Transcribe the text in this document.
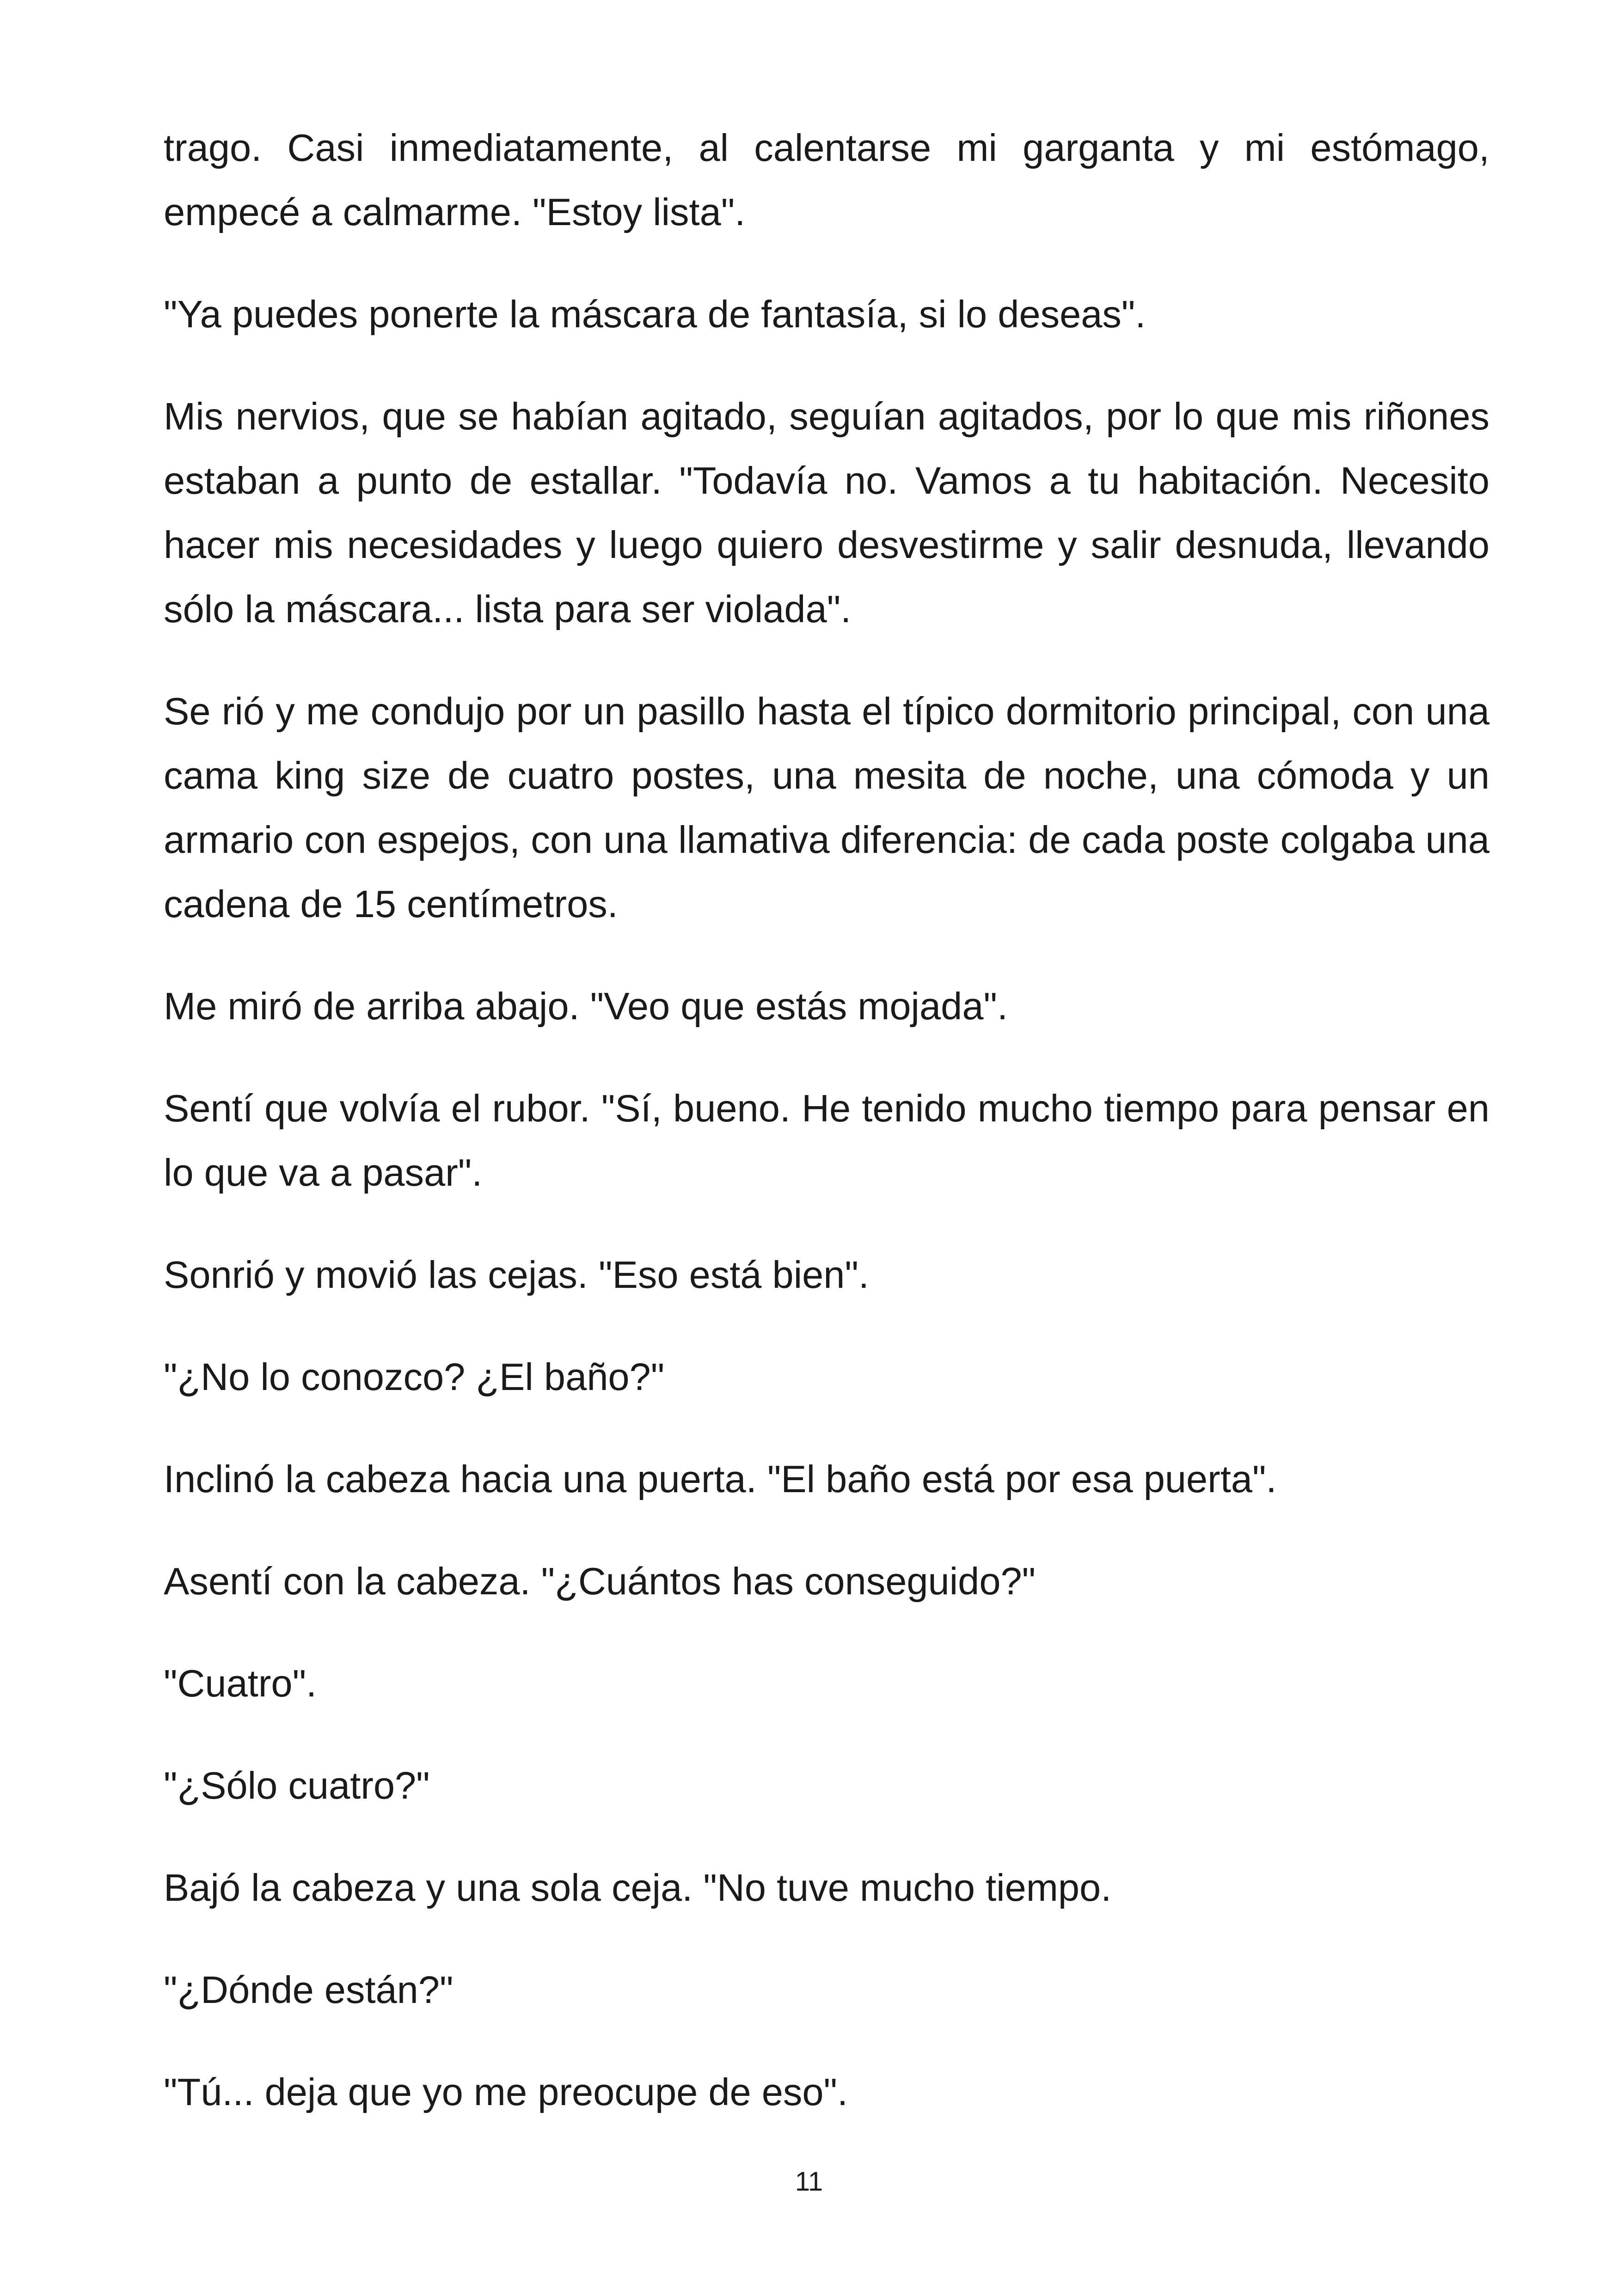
trago. Casi inmediatamente, al calentarse mi garganta y mi estómago, empecé a calmarme. "Estoy lista".

"Ya puedes ponerte la máscara de fantasía, si lo deseas".

Mis nervios, que se habían agitado, seguían agitados, por lo que mis riñones estaban a punto de estallar. "Todavía no. Vamos a tu habitación. Necesito hacer mis necesidades y luego quiero desvestirme y salir desnuda, llevando sólo la máscara... lista para ser violada".

Se rió y me condujo por un pasillo hasta el típico dormitorio principal, con una cama king size de cuatro postes, una mesita de noche, una cómoda y un armario con espejos, con una llamativa diferencia: de cada poste colgaba una cadena de 15 centímetros.

Me miró de arriba abajo. "Veo que estás mojada".

Sentí que volvía el rubor. "Sí, bueno. He tenido mucho tiempo para pensar en lo que va a pasar".

Sonrió y movió las cejas. "Eso está bien".

"¿No lo conozco? ¿El baño?"

Inclinó la cabeza hacia una puerta. "El baño está por esa puerta".

Asentí con la cabeza. "¿Cuántos has conseguido?"

"Cuatro".

"¿Sólo cuatro?"

Bajó la cabeza y una sola ceja. "No tuve mucho tiempo.

"¿Dónde están?"

"Tú... deja que yo me preocupe de eso".

11
